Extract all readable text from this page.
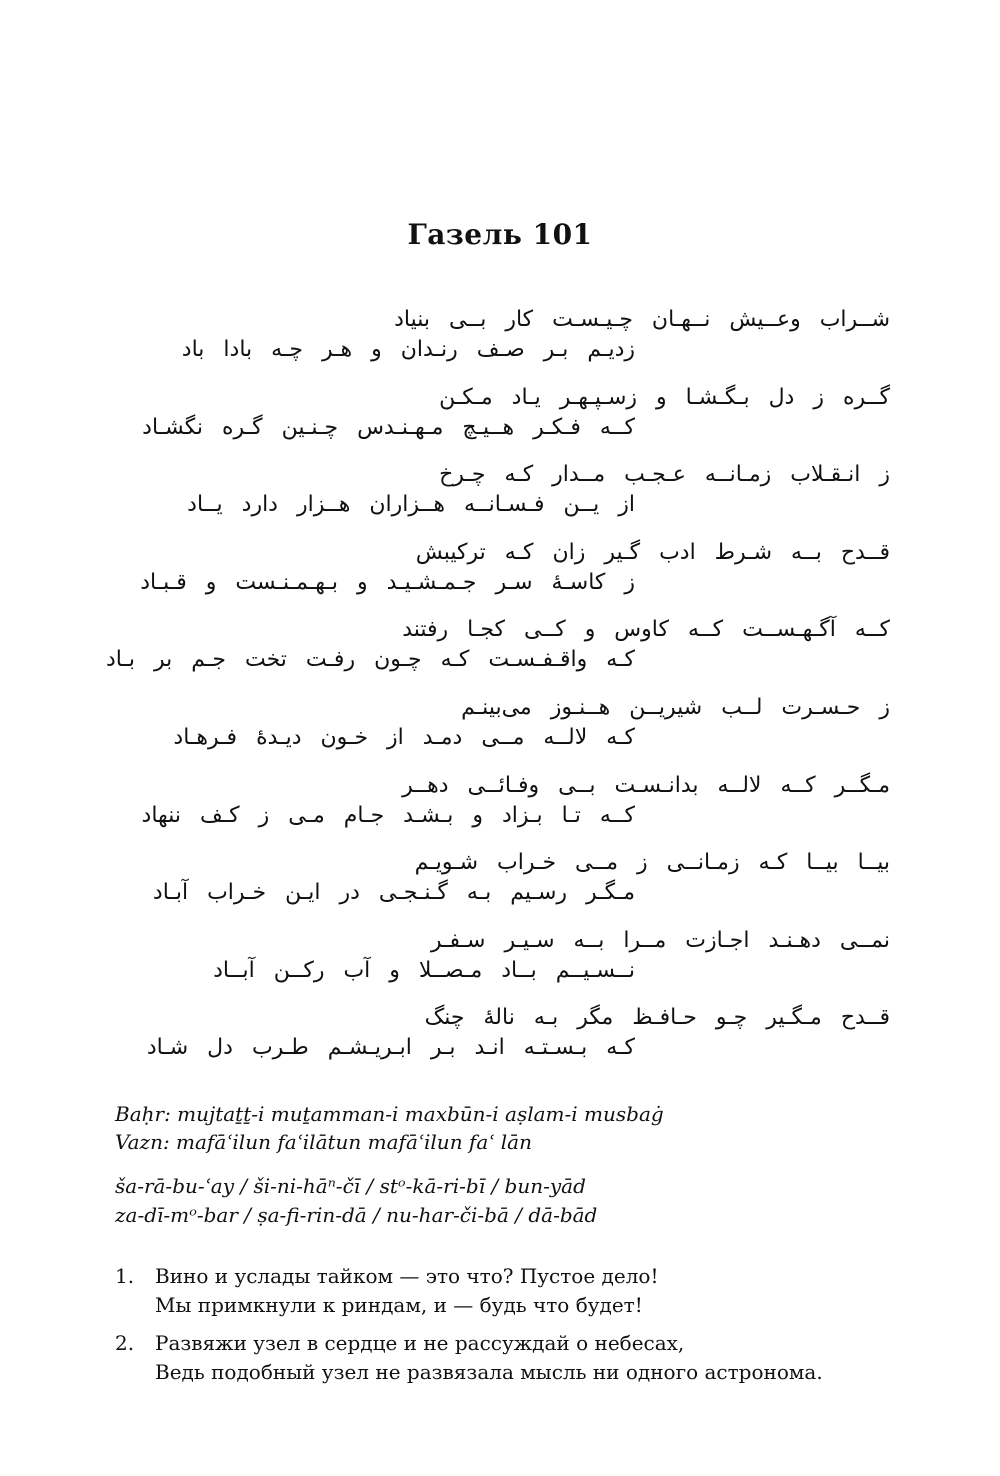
Газель 101
شــراب وعــیش نــهـان چـیـسـت کار بــی بنیاد
زدیـم بـر صـف رنـدان و هـر چـه بادا باد
گــره ز دل بـگـشـا و زسـپـهـر یـاد مـکـن
کــه فـکـر هــیـچ مـهـنـدس چـنـین گـره نگشـاد
ز انـقـلاب زمـانــه عـجـب مــدار کـه چـرخ
از یــن فـسـانــه هــزاران هــزار دارد یــاد
قــدح بــه شـرط ادب گـیر زان کـه ترکیبش
ز کاسـهٔ سـر جـمـشـیـد و بـهـمـنـست و قـبـاد
کــه آگـهـســت کــه کاوس و کــی کجـا رفتند
کـه واقـفـسـت کـه چـون رفـت تخت جـم بر بـاد
ز حـسـرت لــب شیریــن هــنـوز می‌بینـم
کـه لالــه مــی دمـد از خـون دیـدهٔ فـرهـاد
مـگــر کــه لالــه بدانـسـت بــی وفـائــی دهــر
کــه تـا بـزاد و بـشـد جـام مـی ز کـف ننهاد
بیــا بیــا کـه زمـانــی ز مــی خـراب شـویـم
مـگـر رسـیم بـه گـنـجـی در ایـن خـراب آبـاد
نمــی دهـنـد اجـازت مــرا بــه سـیـر سـفـر
نــسـیــم بــاد مـصــلا و آب رکــن آبــاد
قــدح مـگـیر چـو حـافـظ مگر بـه نالهٔ چنگ
کـه بـسـتـه انـد بـر ابـریـشـم طـرب دل شـاد
Baḥr: mujtaṯṯ-i muṯamman-i maxbūn-i aṣlam-i musbaġ
Vazn: mafāʿilun faʿilātun mafāʿilun faʿ lān
ša-rā-bu-ʿay / ši-ni-hāⁿ-čī / stᵒ-kā-ri-bī / bun-yād
za-dī-mᵒ-bar / ṣa-fi-rin-dā / nu-har-či-bā / dā-bād
1. Вино и услады тайком — это что? Пустое дело!
Мы примкнули к риндам, и — будь что будет!
2. Развяжи узел в сердце и не рассуждай о небесах,
Ведь подобный узел не развязала мысль ни одного астронома.
